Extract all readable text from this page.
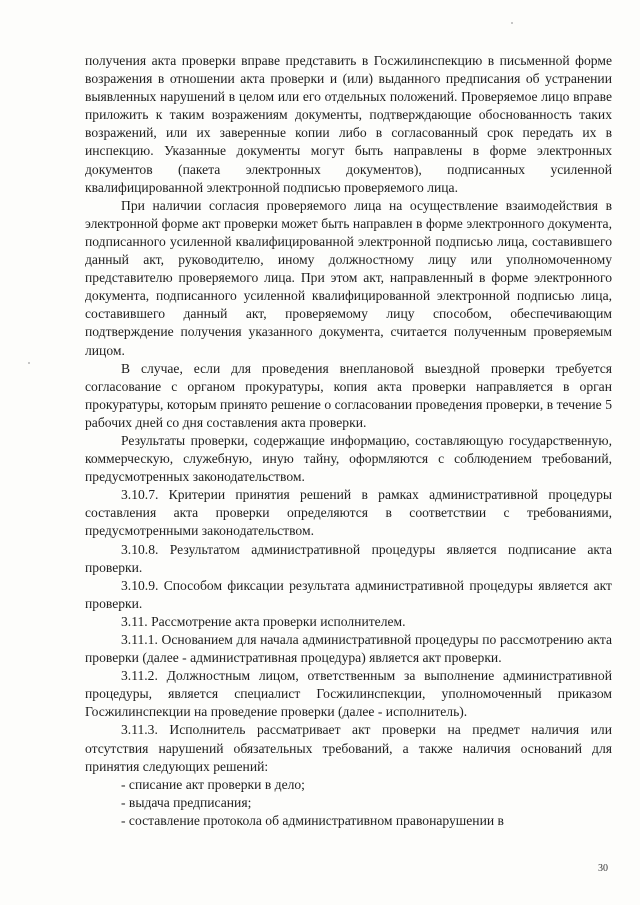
получения акта проверки вправе представить в Госжилинспекцию в письменной форме возражения в отношении акта проверки и (или) выданного предписания об устранении выявленных нарушений в целом или его отдельных положений. Проверяемое лицо вправе приложить к таким возражениям документы, подтверждающие обоснованность таких возражений, или их заверенные копии либо в согласованный срок передать их в инспекцию. Указанные документы могут быть направлены в форме электронных документов (пакета электронных документов), подписанных усиленной квалифицированной электронной подписью проверяемого лица.

При наличии согласия проверяемого лица на осуществление взаимодействия в электронной форме акт проверки может быть направлен в форме электронного документа, подписанного усиленной квалифицированной электронной подписью лица, составившего данный акт, руководителю, иному должностному лицу или уполномоченному представителю проверяемого лица. При этом акт, направленный в форме электронного документа, подписанного усиленной квалифицированной электронной подписью лица, составившего данный акт, проверяемому лицу способом, обеспечивающим подтверждение получения указанного документа, считается полученным проверяемым лицом.

В случае, если для проведения внеплановой выездной проверки требуется согласование с органом прокуратуры, копия акта проверки направляется в орган прокуратуры, которым принято решение о согласовании проведения проверки, в течение 5 рабочих дней со дня составления акта проверки.

Результаты проверки, содержащие информацию, составляющую государственную, коммерческую, служебную, иную тайну, оформляются с соблюдением требований, предусмотренных законодательством.

3.10.7. Критерии принятия решений в рамках административной процедуры составления акта проверки определяются в соответствии с требованиями, предусмотренными законодательством.

3.10.8. Результатом административной процедуры является подписание акта проверки.

3.10.9. Способом фиксации результата административной процедуры является акт проверки.

3.11. Рассмотрение акта проверки исполнителем.

3.11.1. Основанием для начала административной процедуры по рассмотрению акта проверки (далее - административная процедура) является акт проверки.

3.11.2. Должностным лицом, ответственным за выполнение административной процедуры, является специалист Госжилинспекции, уполномоченный приказом Госжилинспекции на проведение проверки (далее - исполнитель).

3.11.3. Исполнитель рассматривает акт проверки на предмет наличия или отсутствия нарушений обязательных требований, а также наличия оснований для принятия следующих решений:

- списание акт проверки в дело;

- выдача предписания;

- составление протокола об административном правонарушении в

30
